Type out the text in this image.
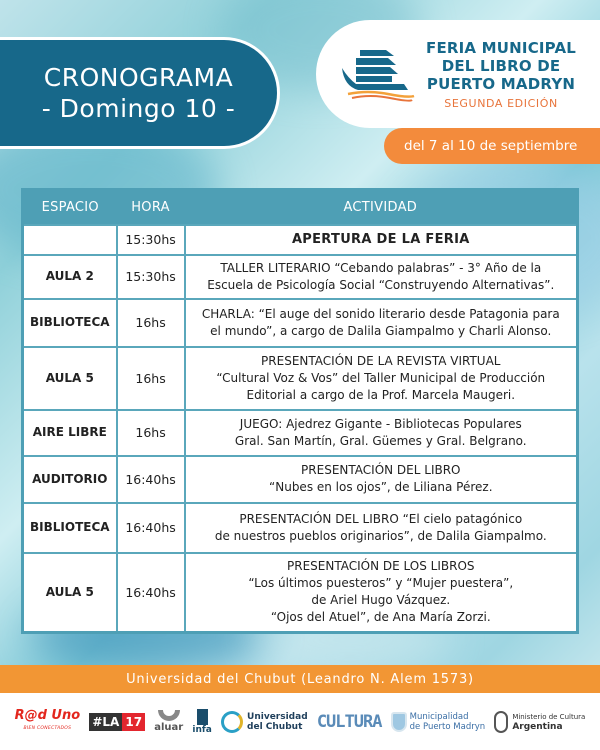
CRONOGRAMA
- Domingo 10 -
FERIA MUNICIPAL
DEL LIBRO DE
PUERTO MADRYN
SEGUNDA EDICIÓN
del 7 al 10 de septiembre
ESPACIO	HORA	ACTIVIDAD
	15:30hs	APERTURA DE LA FERIA

AULA 2	15:30hs	TALLER LITERARIO “Cebando palabras” - 3° Año de la
Escuela de Psicología Social “Construyendo Alternativas”.

BIBLIOTECA	16hs	CHARLA: “El auge del sonido literario desde Patagonia para
el mundo”, a cargo de Dalila Giampalmo y Charli Alonso.

AULA 5	16hs	PRESENTACIÓN DE LA REVISTA VIRTUAL
“Cultural Voz & Vos” del Taller Municipal de Producción
Editorial a cargo de la Prof. Marcela Maugeri.

AIRE LIBRE	16hs	JUEGO: Ajedrez Gigante - Bibliotecas Populares
Gral. San Martín, Gral. Güemes y Gral. Belgrano.

AUDITORIO	16:40hs	PRESENTACIÓN DEL LIBRO
“Nubes en los ojos”, de Liliana Pérez.

BIBLIOTECA	16:40hs	PRESENTACIÓN DEL LIBRO “El cielo patagónico
de nuestros pueblos originarios”, de Dalila Giampalmo.

AULA 5	16:40hs	PRESENTACIÓN DE LOS LIBROS
“Los últimos puesteros” y “Mujer puestera”,
de Ariel Hugo Vázquez.
“Ojos del Atuel”, de Ana María Zorzi.
Universidad del Chubut (Leandro N. Alem 1573)
R@d Uno
BIEN CONECTADOS #LA 17	aluar infa
Universidad
del Chubut CULTURA	Municipalidad
de Puerto Madryn
Ministerio de Cultura
Argentina
